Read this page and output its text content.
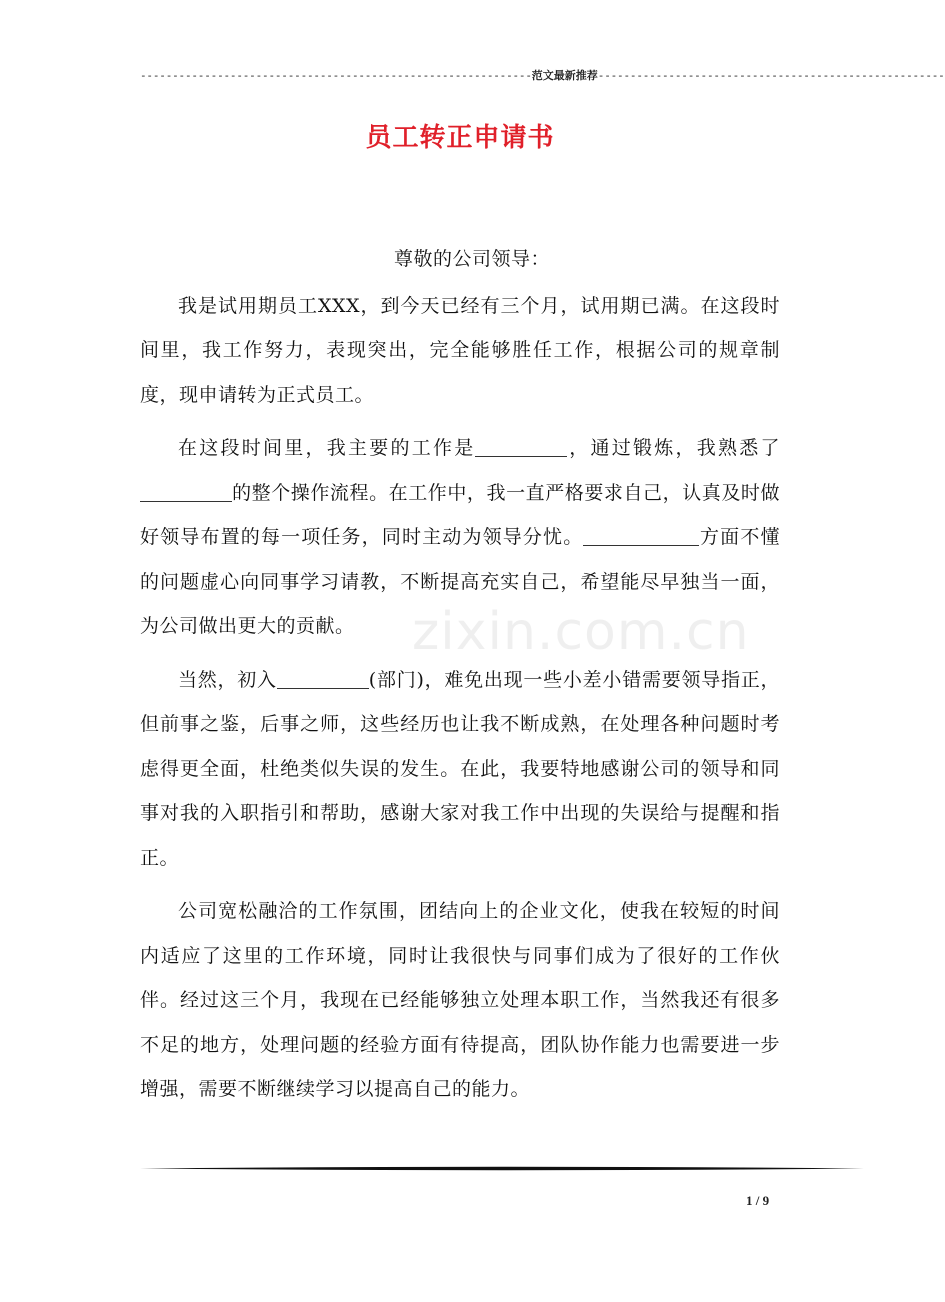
-------------------------------------------------------------范文最新推荐------------------------------------------------------
员工转正申请书
zixin.com.cn
尊敬的公司领导：

我是试用期员工XXX，到今天已经有三个月，试用期已满。在这段时间里，我工作努力，表现突出，完全能够胜任工作，根据公司的规章制度，现申请转为正式员工。

在这段时间里，我主要的工作是	，通过锻炼，我熟悉了的整个操作流程。在工作中，我一直严格要求自己，认真及时做好领导布置的每一项任务，同时主动为领导分忧。	方面不懂的问题虚心向同事学习请教，不断提高充实自己，希望能尽早独当一面，为公司做出更大的贡献。

当然，初入	(部门)，难免出现一些小差小错需要领导指正，但前事之鉴，后事之师，这些经历也让我不断成熟，在处理各种问题时考虑得更全面，杜绝类似失误的发生。在此，我要特地感谢公司的领导和同事对我的入职指引和帮助，感谢大家对我工作中出现的失误给与提醒和指正。

公司宽松融洽的工作氛围，团结向上的企业文化，使我在较短的时间内适应了这里的工作环境，同时让我很快与同事们成为了很好的工作伙伴。经过这三个月，我现在已经能够独立处理本职工作，当然我还有很多不足的地方，处理问题的经验方面有待提高，团队协作能力也需要进一步增强，需要不断继续学习以提高自己的能力。

1 / 9
